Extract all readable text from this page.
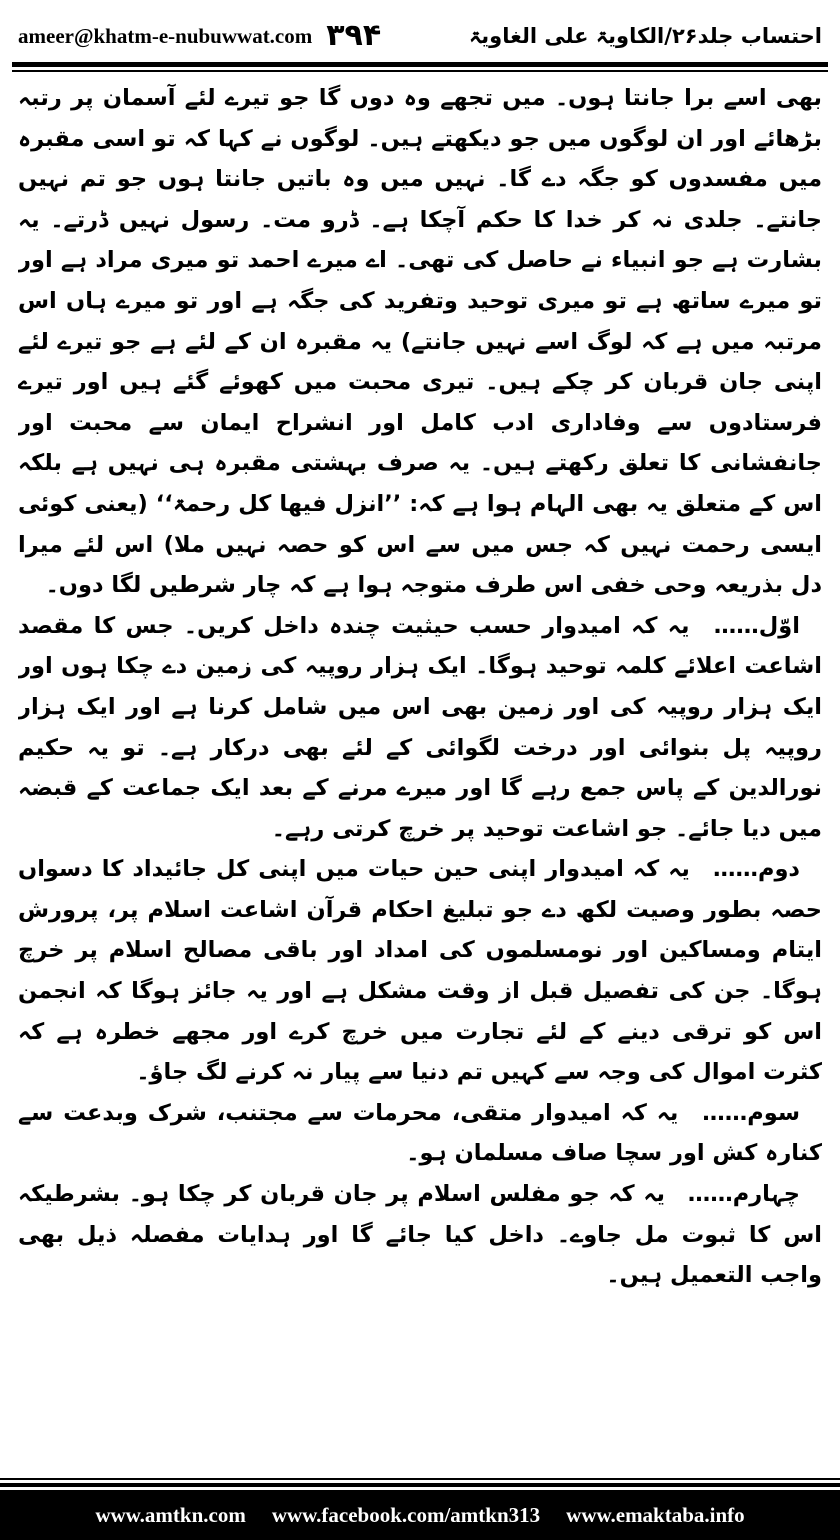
ameer@khatm-e-nubuwwat.com ۳۹۴	احتساب جلد۲۶/الکاویۃ علی الغاویۃ

بھی اسے برا جانتا ہوں۔ میں تجھے وہ دوں گا جو تیرے لئے آسمان پر رتبہ بڑھائے اور ان لوگوں میں جو دیکھتے ہیں۔ لوگوں نے کہا کہ تو اسی مقبرہ میں مفسدوں کو جگہ دے گا۔ نہیں میں وہ باتیں جانتا ہوں جو تم نہیں جانتے۔ جلدی نہ کر خدا کا حکم آچکا ہے۔ ڈرو مت۔ رسول نہیں ڈرتے۔ یہ بشارت ہے جو انبیاء نے حاصل کی تھی۔ اے میرے احمد تو میری مراد ہے اور تو میرے ساتھ ہے تو میری توحید وتفرید کی جگہ ہے اور تو میرے ہاں اس مرتبہ میں ہے کہ لوگ اسے نہیں جانتے) یہ مقبرہ ان کے لئے ہے جو تیرے لئے اپنی جان قربان کر چکے ہیں۔ تیری محبت میں کھوئے گئے ہیں اور تیرے فرستادوں سے وفاداری ادب کامل اور انشراح ایمان سے محبت اور جانفشانی کا تعلق رکھتے ہیں۔ یہ صرف بہشتی مقبرہ ہی نہیں ہے بلکہ اس کے متعلق یہ بھی الہام ہوا ہے کہ: ’’انزل فیھا کل رحمۃ‘‘ (یعنی کوئی ایسی رحمت نہیں کہ جس میں سے اس کو حصہ نہیں ملا) اس لئے میرا دل بذریعہ وحی خفی اس طرف متوجہ ہوا ہے کہ چار شرطیں لگا دوں۔

اوّل…… یہ کہ امیدوار حسب حیثیت چندہ داخل کریں۔ جس کا مقصد اشاعت اعلائے کلمہ توحید ہوگا۔ ایک ہزار روپیہ کی زمین دے چکا ہوں اور ایک ہزار روپیہ کی اور زمین بھی اس میں شامل کرنا ہے اور ایک ہزار روپیہ پل بنوائی اور درخت لگوائی کے لئے بھی درکار ہے۔ تو یہ حکیم نورالدین کے پاس جمع رہے گا اور میرے مرنے کے بعد ایک جماعت کے قبضہ میں دیا جائے۔ جو اشاعت توحید پر خرچ کرتی رہے۔

دوم…… یہ کہ امیدوار اپنی حین حیات میں اپنی کل جائیداد کا دسواں حصہ بطور وصیت لکھ دے جو تبلیغ احکام قرآن اشاعت اسلام پر، پرورش ایتام ومساکین اور نومسلموں کی امداد اور باقی مصالح اسلام پر خرچ ہوگا۔ جن کی تفصیل قبل از وقت مشکل ہے اور یہ جائز ہوگا کہ انجمن اس کو ترقی دینے کے لئے تجارت میں خرچ کرے اور مجھے خطرہ ہے کہ کثرت اموال کی وجہ سے کہیں تم دنیا سے پیار نہ کرنے لگ جاؤ۔

سوم…… یہ کہ امیدوار متقی، محرمات سے مجتنب، شرک وبدعت سے کنارہ کش اور سچا صاف مسلمان ہو۔

چہارم…… یہ کہ جو مفلس اسلام پر جان قربان کر چکا ہو۔ بشرطیکہ اس کا ثبوت مل جاوے۔ داخل کیا جائے گا اور ہدایات مفصلہ ذیل بھی واجب التعمیل ہیں۔

www.amtkn.com www.facebook.com/amtkn313 www.emaktaba.info
